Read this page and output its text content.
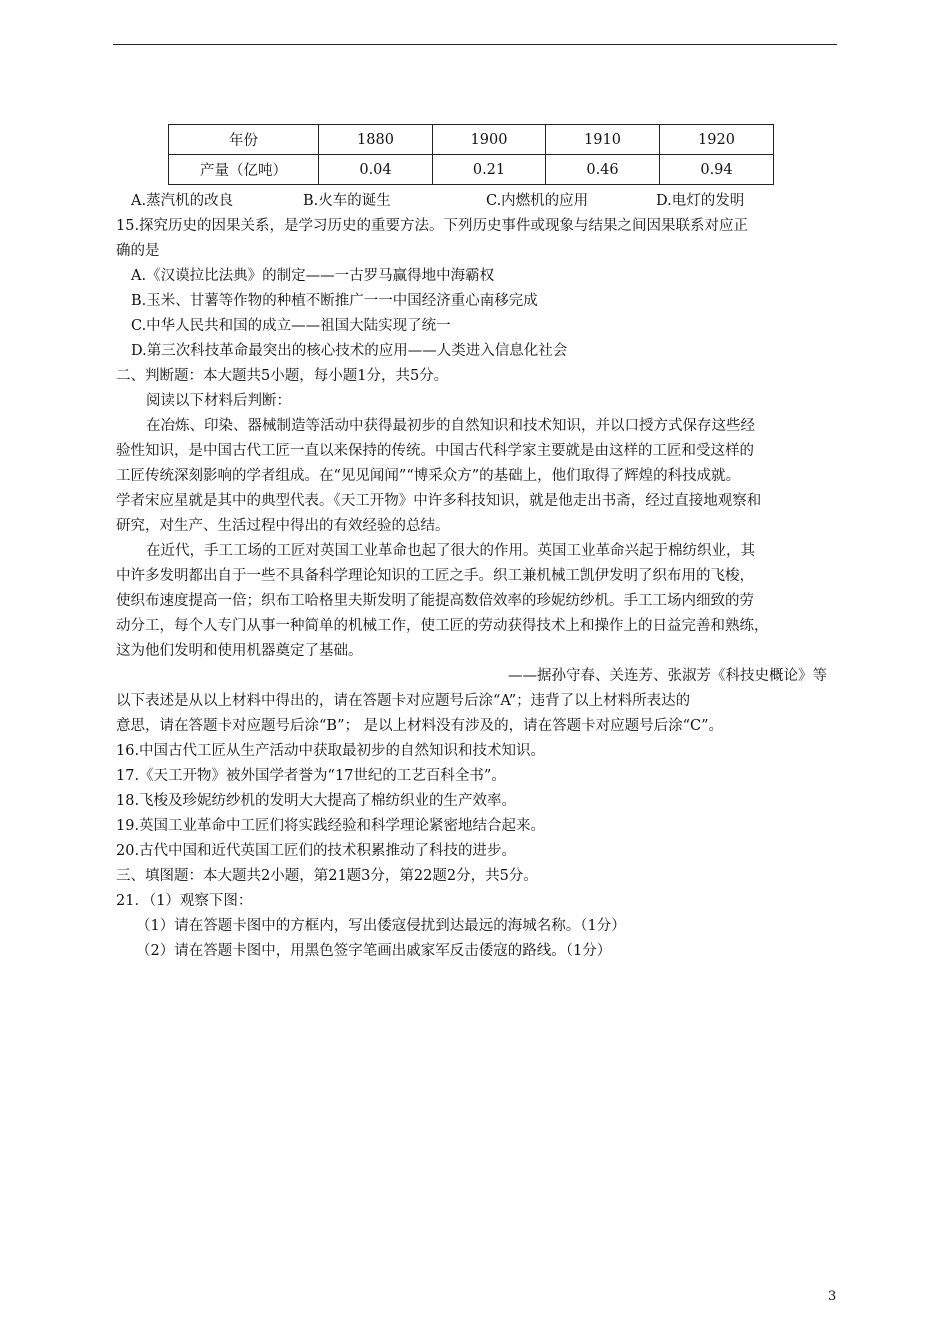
年份	1880	1900	1910	1920
产量（亿吨）	0.04	0.21	0.46	0.94
A.蒸汽机的改良	B.火车的诞生	C.内燃机的应用	D.电灯的发明
15.探究历史的因果关系，是学习历史的重要方法。下列历史事件或现象与结果之间因果联系对应正
确的是
A.《汉谟拉比法典》的制定——一古罗马赢得地中海霸权
B.玉米、甘薯等作物的种植不断推广一一中国经济重心南移完成
C.中华人民共和国的成立——祖国大陆实现了统一
D.第三次科技革命最突出的核心技术的应用——人类进入信息化社会
二、判断题：本大题共5小题，每小题1分，共5分。
阅读以下材料后判断：
在冶炼、印染、器械制造等活动中获得最初步的自然知识和技术知识，并以口授方式保存这些经
验性知识，是中国古代工匠一直以来保持的传统。中国古代科学家主要就是由这样的工匠和受这样的
工匠传统深刻影响的学者组成。在“见见闻闻”“博采众方”的基础上，他们取得了辉煌的科技成就。
学者宋应星就是其中的典型代表。《天工开物》中许多科技知识，就是他走出书斋，经过直接地观察和
研究，对生产、生活过程中得出的有效经验的总结。
在近代，手工工场的工匠对英国工业革命也起了很大的作用。英国工业革命兴起于棉纺织业，其
中许多发明都出自于一些不具备科学理论知识的工匠之手。织工兼机械工凯伊发明了织布用的飞梭，
使织布速度提高一倍；织布工哈格里夫斯发明了能提高数倍效率的珍妮纺纱机。手工工场内细致的劳
动分工，每个人专门从事一种简单的机械工作，使工匠的劳动获得技术上和操作上的日益完善和熟练，
这为他们发明和使用机器奠定了基础。
——据孙守春、关连芳、张淑芳《科技史概论》等
以下表述是从以上材料中得出的，请在答题卡对应题号后涂“A”；违背了以上材料所表达的
意思，请在答题卡对应题号后涂“B”； 是以上材料没有涉及的，请在答题卡对应题号后涂“C”。
16.中国古代工匠从生产活动中获取最初步的自然知识和技术知识。
17.《天工开物》被外国学者誉为“17世纪的工艺百科全书”。
18.飞梭及珍妮纺纱机的发明大大提高了棉纺织业的生产效率。
19.英国工业革命中工匠们将实践经验和科学理论紧密地结合起来。
20.古代中国和近代英国工匠们的技术积累推动了科技的进步。
三、填图题：本大题共2小题，第21题3分，第22题2分，共5分。
21．（1）观察下图：
（1）请在答题卡图中的方框内，写出倭寇侵扰到达最远的海城名称。（1分）
（2）请在答题卡图中，用黑色签字笔画出戚家军反击倭寇的路线。（1分）
3
